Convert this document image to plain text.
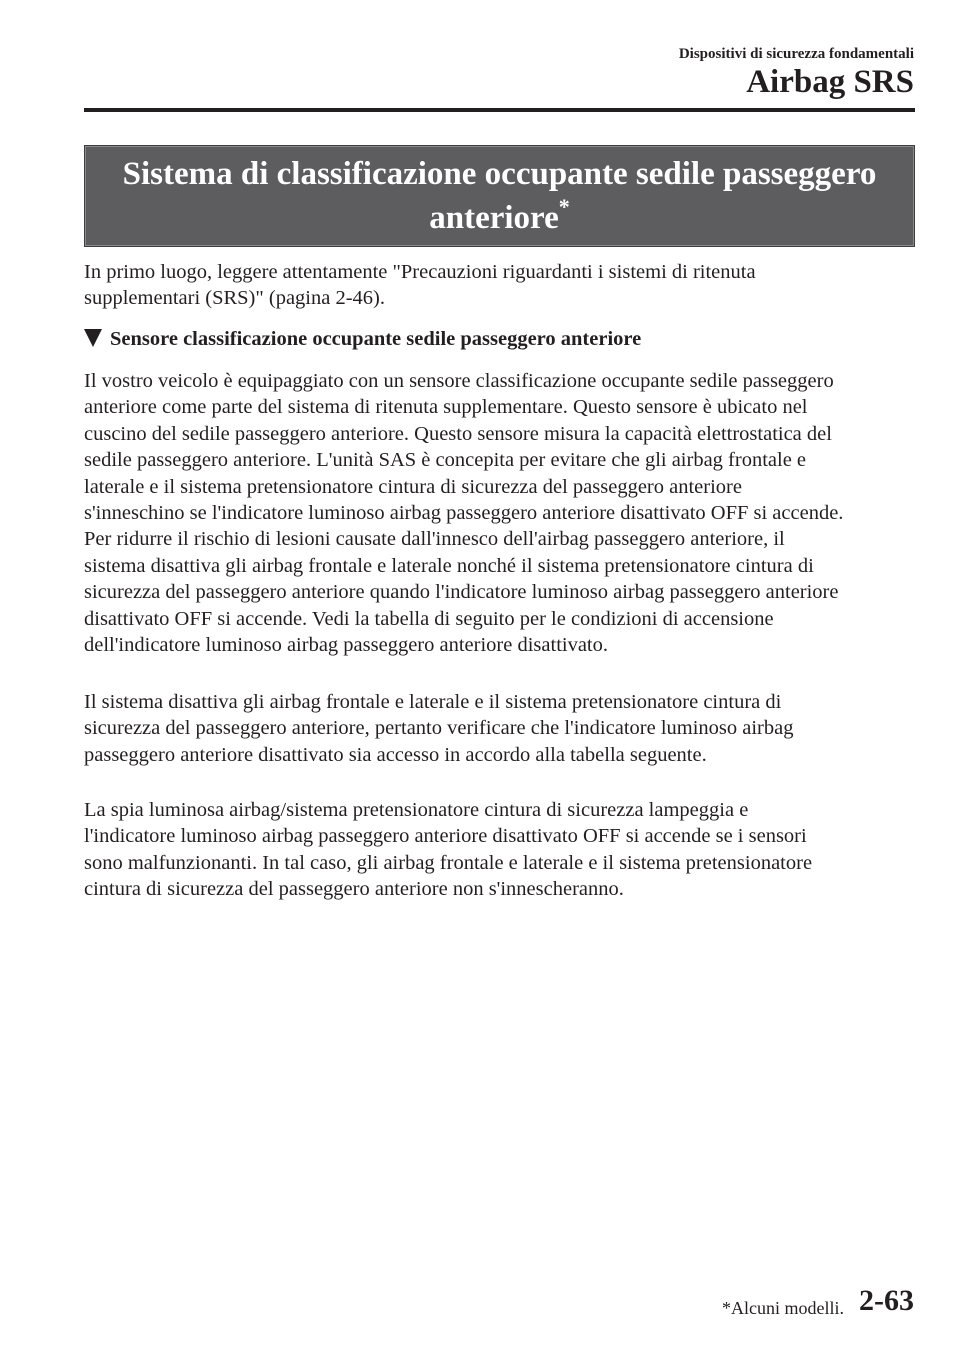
Dispositivi di sicurezza fondamentali
Airbag SRS
Sistema di classificazione occupante sedile passeggero
anteriore*
In primo luogo, leggere attentamente "Precauzioni riguardanti i sistemi di ritenuta
supplementari (SRS)" (pagina 2-46).
Sensore classificazione occupante sedile passeggero anteriore
Il vostro veicolo è equipaggiato con un sensore classificazione occupante sedile passeggero
anteriore come parte del sistema di ritenuta supplementare. Questo sensore è ubicato nel
cuscino del sedile passeggero anteriore. Questo sensore misura la capacità elettrostatica del
sedile passeggero anteriore. L'unità SAS è concepita per evitare che gli airbag frontale e
laterale e il sistema pretensionatore cintura di sicurezza del passeggero anteriore
s'inneschino se l'indicatore luminoso airbag passeggero anteriore disattivato OFF si accende.
Per ridurre il rischio di lesioni causate dall'innesco dell'airbag passeggero anteriore, il
sistema disattiva gli airbag frontale e laterale nonché il sistema pretensionatore cintura di
sicurezza del passeggero anteriore quando l'indicatore luminoso airbag passeggero anteriore
disattivato OFF si accende. Vedi la tabella di seguito per le condizioni di accensione
dell'indicatore luminoso airbag passeggero anteriore disattivato.
Il sistema disattiva gli airbag frontale e laterale e il sistema pretensionatore cintura di
sicurezza del passeggero anteriore, pertanto verificare che l'indicatore luminoso airbag
passeggero anteriore disattivato sia accesso in accordo alla tabella seguente.
La spia luminosa airbag/sistema pretensionatore cintura di sicurezza lampeggia e
l'indicatore luminoso airbag passeggero anteriore disattivato OFF si accende se i sensori
sono malfunzionanti. In tal caso, gli airbag frontale e laterale e il sistema pretensionatore
cintura di sicurezza del passeggero anteriore non s'innescheranno.
*Alcuni modelli. 2-63
